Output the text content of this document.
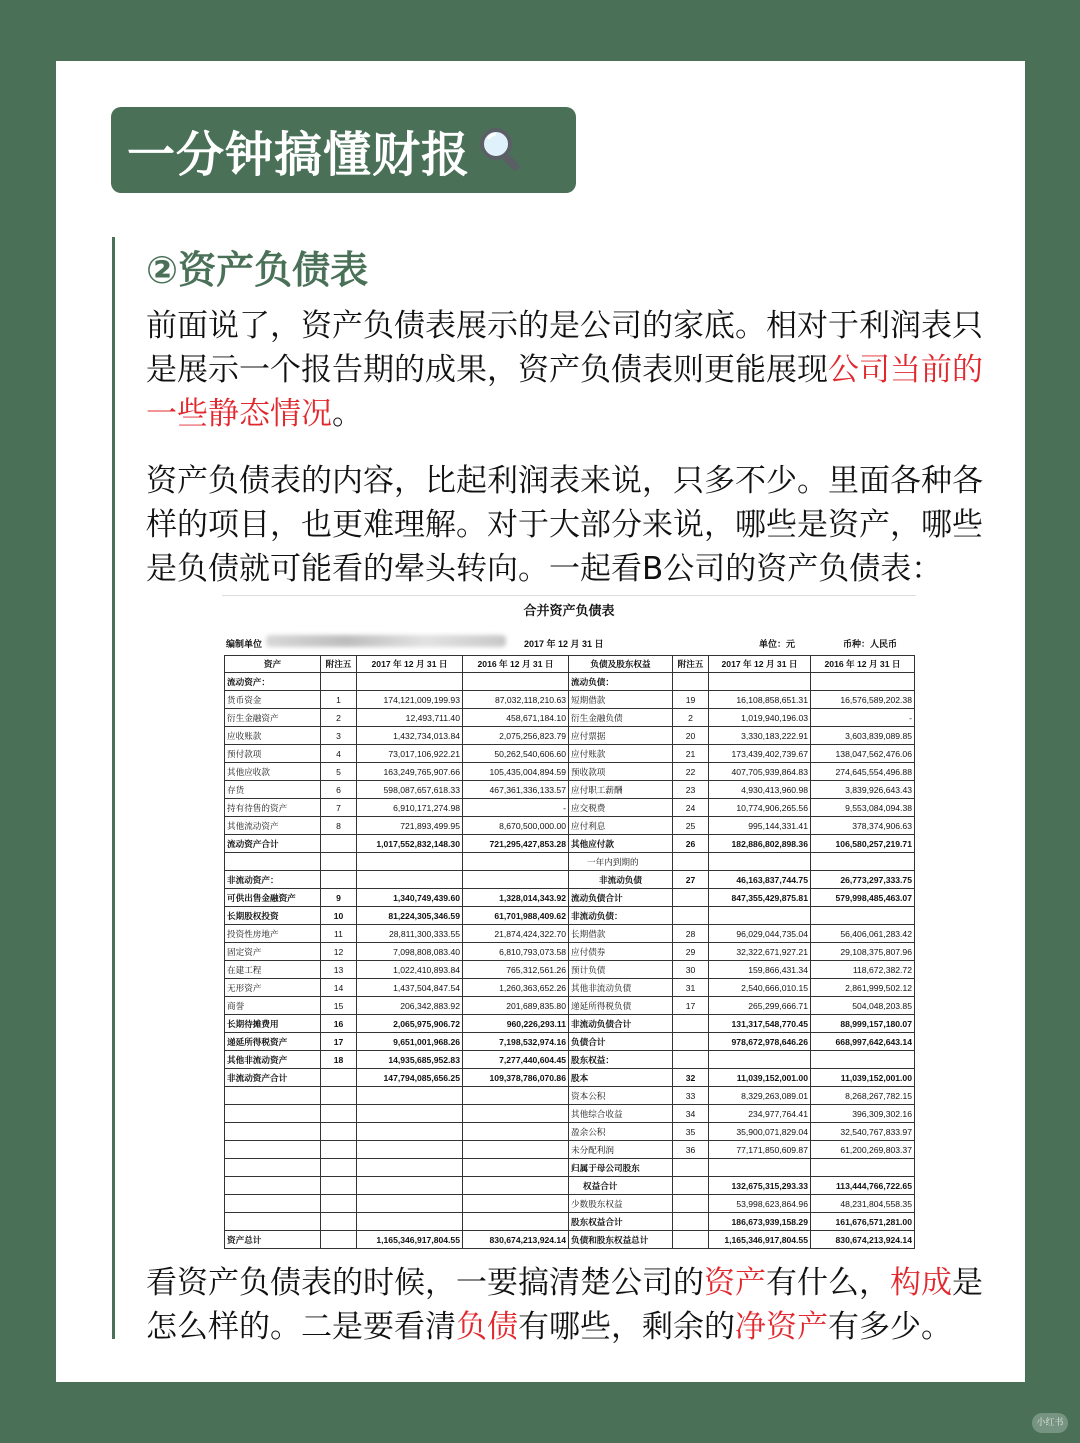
一分钟搞懂财报
②资产负债表
前面说了，资产负债表展示的是公司的家底。相对于利润表只是展示一个报告期的成果，资产负债表则更能展现公司当前的一些静态情况。
资产负债表的内容，比起利润表来说，只多不少。里面各种各样的项目，也更难理解。对于大部分来说，哪些是资产，哪些是负债就可能看的晕头转向。一起看B公司的资产负债表：
合并资产负债表
编制单位	2017 年 12 月 31 日	单位：元	币种：人民币
资产	附注五	2017 年 12 月 31 日	2016 年 12 月 31 日	负债及股东权益	附注五	2017 年 12 月 31 日	2016 年 12 月 31 日
流动资产：				流动负债：			
货币资金	1	174,121,009,199.93	87,032,118,210.63	短期借款	19	16,108,858,651.31	16,576,589,202.38
衍生金融资产	2	12,493,711.40	458,671,184.10	衍生金融负债	2	1,019,940,196.03	-
应收账款	3	1,432,734,013.84	2,075,256,823.79	应付票据	20	3,330,183,222.91	3,603,839,089.85
预付款项	4	73,017,106,922.21	50,262,540,606.60	应付账款	21	173,439,402,739.67	138,047,562,476.06
其他应收款	5	163,249,765,907.66	105,435,004,894.59	预收款项	22	407,705,939,864.83	274,645,554,496.88
存货	6	598,087,657,618.33	467,361,336,133.57	应付职工薪酬	23	4,930,413,960.98	3,839,926,643.43
持有待售的资产	7	6,910,171,274.98	-	应交税费	24	10,774,906,265.56	9,553,084,094.38
其他流动资产	8	721,893,499.95	8,670,500,000.00	应付利息	25	995,144,331.41	378,374,906.63
流动资产合计		1,017,552,832,148.30	721,295,427,853.28	其他应付款	26	182,886,802,898.36	106,580,257,219.71
				一年内到期的			
非流动资产：				非流动负债	27	46,163,837,744.75	26,773,297,333.75
可供出售金融资产	9	1,340,749,439.60	1,328,014,343.92	流动负债合计		847,355,429,875.81	579,998,485,463.07
长期股权投资	10	81,224,305,346.59	61,701,988,409.62	非流动负债：			
投资性房地产	11	28,811,300,333.55	21,874,424,322.70	长期借款	28	96,029,044,735.04	56,406,061,283.42
固定资产	12	7,098,808,083.40	6,810,793,073.58	应付债券	29	32,322,671,927.21	29,108,375,807.96
在建工程	13	1,022,410,893.84	765,312,561.26	预计负债	30	159,866,431.34	118,672,382.72
无形资产	14	1,437,504,847.54	1,260,363,652.26	其他非流动负债	31	2,540,666,010.15	2,861,999,502.12
商誉	15	206,342,883.92	201,689,835.80	递延所得税负债	17	265,299,666.71	504,048,203.85
长期待摊费用	16	2,065,975,906.72	960,226,293.11	非流动负债合计		131,317,548,770.45	88,999,157,180.07
递延所得税资产	17	9,651,001,968.26	7,198,532,974.16	负债合计		978,672,978,646.26	668,997,642,643.14
其他非流动资产	18	14,935,685,952.83	7,277,440,604.45	股东权益：			
非流动资产合计		147,794,085,656.25	109,378,786,070.86	股本	32	11,039,152,001.00	11,039,152,001.00
				资本公积	33	8,329,263,089.01	8,268,267,782.15
				其他综合收益	34	234,977,764.41	396,309,302.16
				盈余公积	35	35,900,071,829.04	32,540,767,833.97
				未分配利润	36	77,171,850,609.87	61,200,269,803.37
				归属于母公司股东			
				权益合计		132,675,315,293.33	113,444,766,722.65
				少数股东权益		53,998,623,864.96	48,231,804,558.35
				股东权益合计		186,673,939,158.29	161,676,571,281.00
资产总计		1,165,346,917,804.55	830,674,213,924.14	负债和股东权益总计		1,165,346,917,804.55	830,674,213,924.14
看资产负债表的时候，一要搞清楚公司的资产有什么，构成是怎么样的。二是要看清负债有哪些，剩余的净资产有多少。
小红书
